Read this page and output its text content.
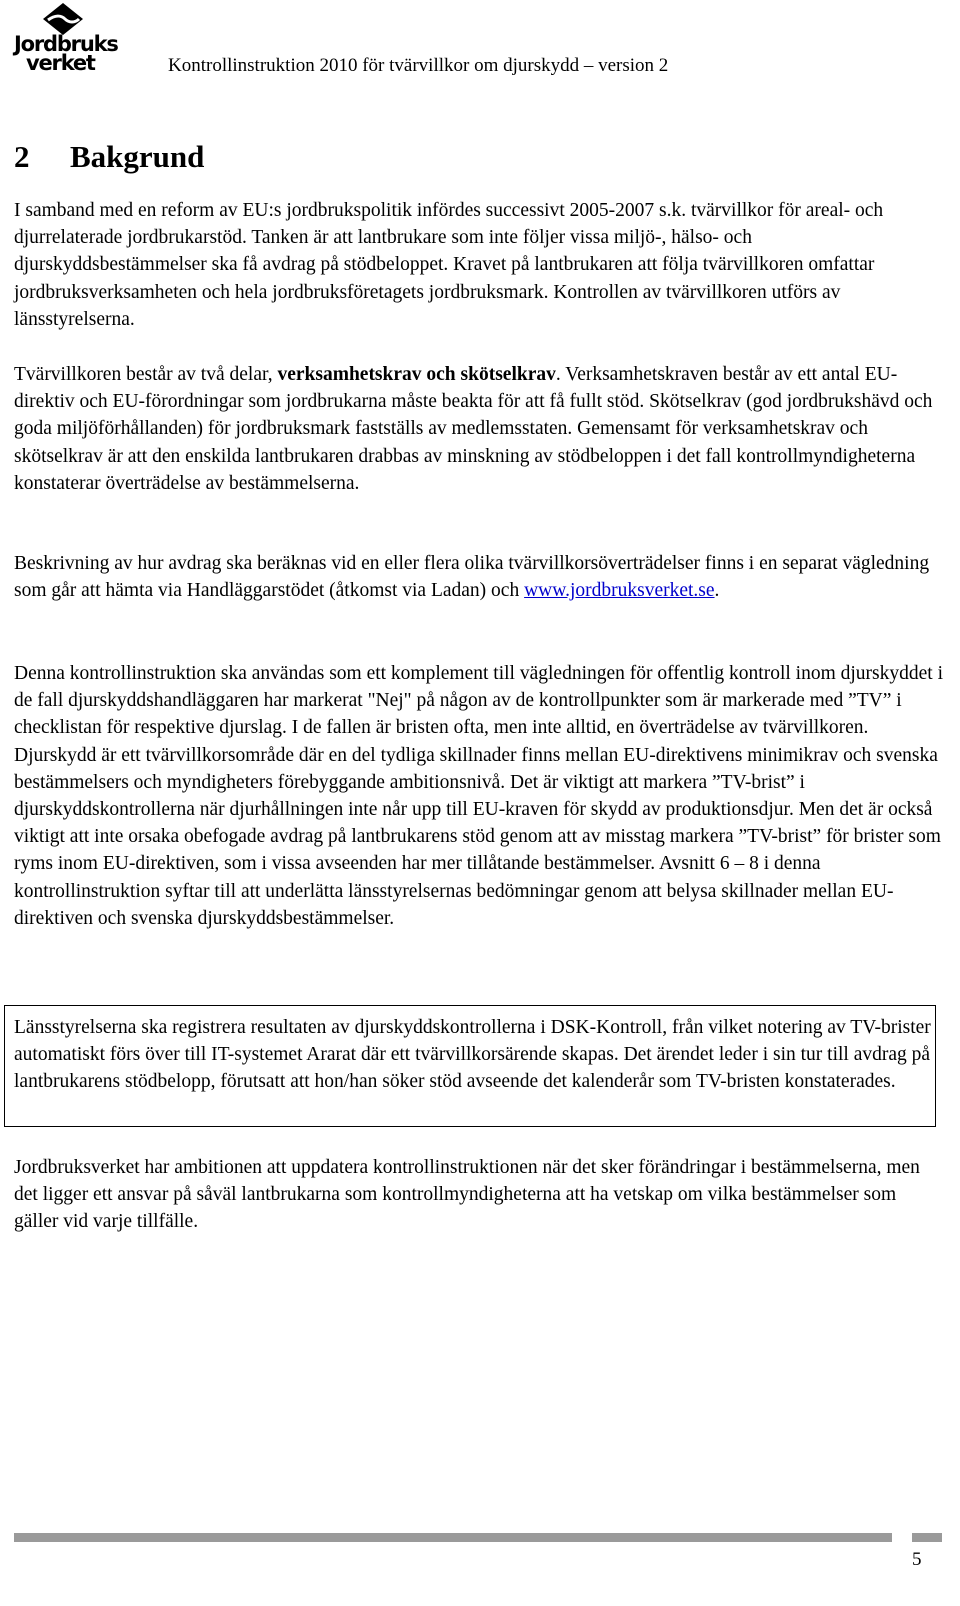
Jordbruks
verket	Kontrollinstruktion 2010 för tvärvillkor om djurskydd – version 2
2 Bakgrund

I samband med en reform av EU:s jordbrukspolitik infördes successivt 2005-2007 s.k. tvärvillkor för areal- och djurrelaterade jordbrukarstöd. Tanken är att lantbrukare som inte följer vissa miljö-, hälso- och djurskyddsbestämmelser ska få avdrag på stödbeloppet. Kravet på lantbrukaren att följa tvärvillkoren omfattar jordbruksverksamheten och hela jordbruksföretagets jordbruksmark. Kontrollen av tvärvillkoren utförs av länsstyrelserna.

Tvärvillkoren består av två delar, verksamhetskrav och skötselkrav. Verksamhetskraven består av ett antal EU-direktiv och EU-förordningar som jordbrukarna måste beakta för att få fullt stöd. Skötselkrav (god jordbrukshävd och goda miljöförhållanden) för jordbruksmark fastställs av medlemsstaten. Gemensamt för verksamhetskrav och skötselkrav är att den enskilda lantbrukaren drabbas av minskning av stödbeloppen i det fall kontrollmyndigheterna konstaterar överträdelse av bestämmelserna.

Beskrivning av hur avdrag ska beräknas vid en eller flera olika tvärvillkorsöverträdelser finns i en separat vägledning som går att hämta via Handläggarstödet (åtkomst via Ladan) och www.jordbruksverket.se.

Denna kontrollinstruktion ska användas som ett komplement till vägledningen för offentlig kontroll inom djurskyddet i de fall djurskyddshandläggaren har markerat "Nej" på någon av de kontrollpunkter som är markerade med ”TV” i checklistan för respektive djurslag. I de fallen är bristen ofta, men inte alltid, en överträdelse av tvärvillkoren. Djurskydd är ett tvärvillkorsområde där en del tydliga skillnader finns mellan EU-direktivens minimikrav och svenska bestämmelsers och myndigheters förebyggande ambitionsnivå. Det är viktigt att markera ”TV-brist” i djurskyddskontrollerna när djurhållningen inte når upp till EU-kraven för skydd av produktionsdjur. Men det är också viktigt att inte orsaka obefogade avdrag på lantbrukarens stöd genom att av misstag markera ”TV-brist” för brister som ryms inom EU-direktiven, som i vissa avseenden har mer tillåtande bestämmelser. Avsnitt 6 – 8 i denna kontrollinstruktion syftar till att underlätta länsstyrelsernas bedömningar genom att belysa skillnader mellan EU-direktiven och svenska djurskyddsbestämmelser.

Länsstyrelserna ska registrera resultaten av djurskyddskontrollerna i DSK-Kontroll, från vilket notering av TV-brister automatiskt förs över till IT-systemet Ararat där ett tvärvillkorsärende skapas. Det ärendet leder i sin tur till avdrag på lantbrukarens stödbelopp, förutsatt att hon/han söker stöd avseende det kalenderår som TV-bristen konstaterades.

Jordbruksverket har ambitionen att uppdatera kontrollinstruktionen när det sker förändringar i bestämmelserna, men det ligger ett ansvar på såväl lantbrukarna som kontrollmyndigheterna att ha vetskap om vilka bestämmelser som gäller vid varje tillfälle.

5
